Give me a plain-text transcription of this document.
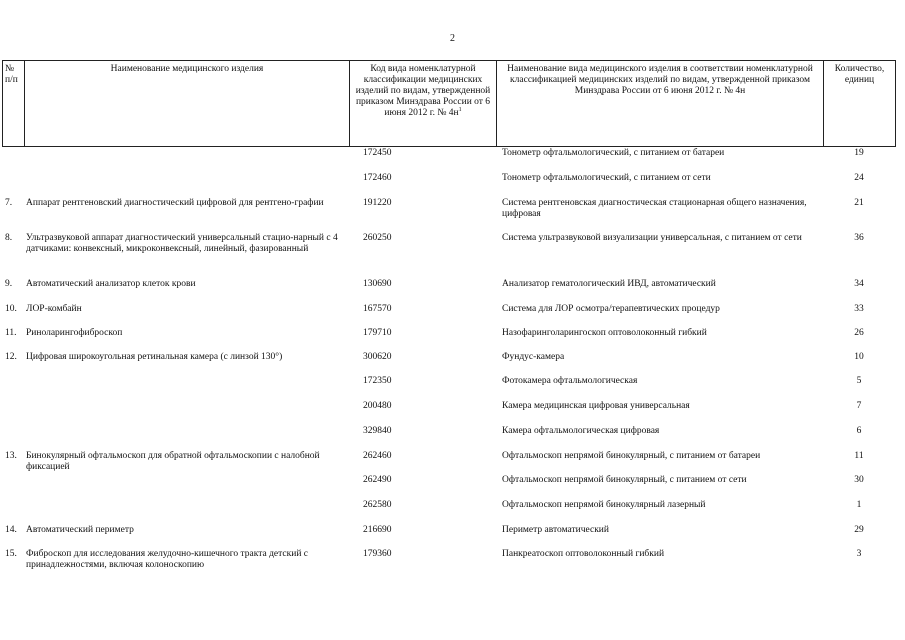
2
№ п/п	Наименование медицинского изделия	Код вида номенклатурной классификации медицинских изделий по видам, утвержденной приказом Минздрава России от 6 июня 2012 г. № $4н^1$	Наименование вида медицинского изделия в соответствии номенклатурной классификацией медицинских изделий по видам, утвержденной приказом Минздрава России от 6 июня 2012 г. № 4н	Количество, единиц
		172450	Тонометр офтальмологический, с питанием от батареи	19
		172460	Тонометр офтальмологический, с питанием от сети	24
7.	Аппарат рентгеновский диагностический цифровой для рентгено-графии	191220	Система рентгеновская диагностическая стационарная общего назначения, цифровая	21
8.	Ультразвуковой аппарат диагностический универсальный стацио-нарный с 4 датчиками: конвексный, микроконвексный, линейный, фазированный	260250	Система ультразвуковой визуализации универсальная, с питанием от сети	36
9.	Автоматический анализатор клеток крови	130690	Анализатор гематологический ИВД, автоматический	34
10.	ЛОР-комбайн	167570	Система для ЛОР осмотра/терапевтических процедур	33
11.	Риноларингофиброскоп	179710	Назофаринголарингоскоп оптоволоконный гибкий	26
12.	Цифровая широкоугольная ретинальная камера (с линзой 130°)	300620	Фундус-камера	10
		172350	Фотокамера офтальмологическая	5
		200480	Камера медицинская цифровая универсальная	7
		329840	Камера офтальмологическая цифровая	6
13.	Бинокулярный офтальмоскоп для обратной офтальмоскопии с налобной фиксацией	262460	Офтальмоскоп непрямой бинокулярный, с питанием от батареи	11
		262490	Офтальмоскоп непрямой бинокулярный, с питанием от сети	30
		262580	Офтальмоскоп непрямой бинокулярный лазерный	1
14.	Автоматический периметр	216690	Периметр автоматический	29
15.	Фиброскоп для исследования желудочно-кишечного тракта детский с принадлежностями, включая колоноскопию	179360	Панкреатоскоп оптоволоконный гибкий	3
